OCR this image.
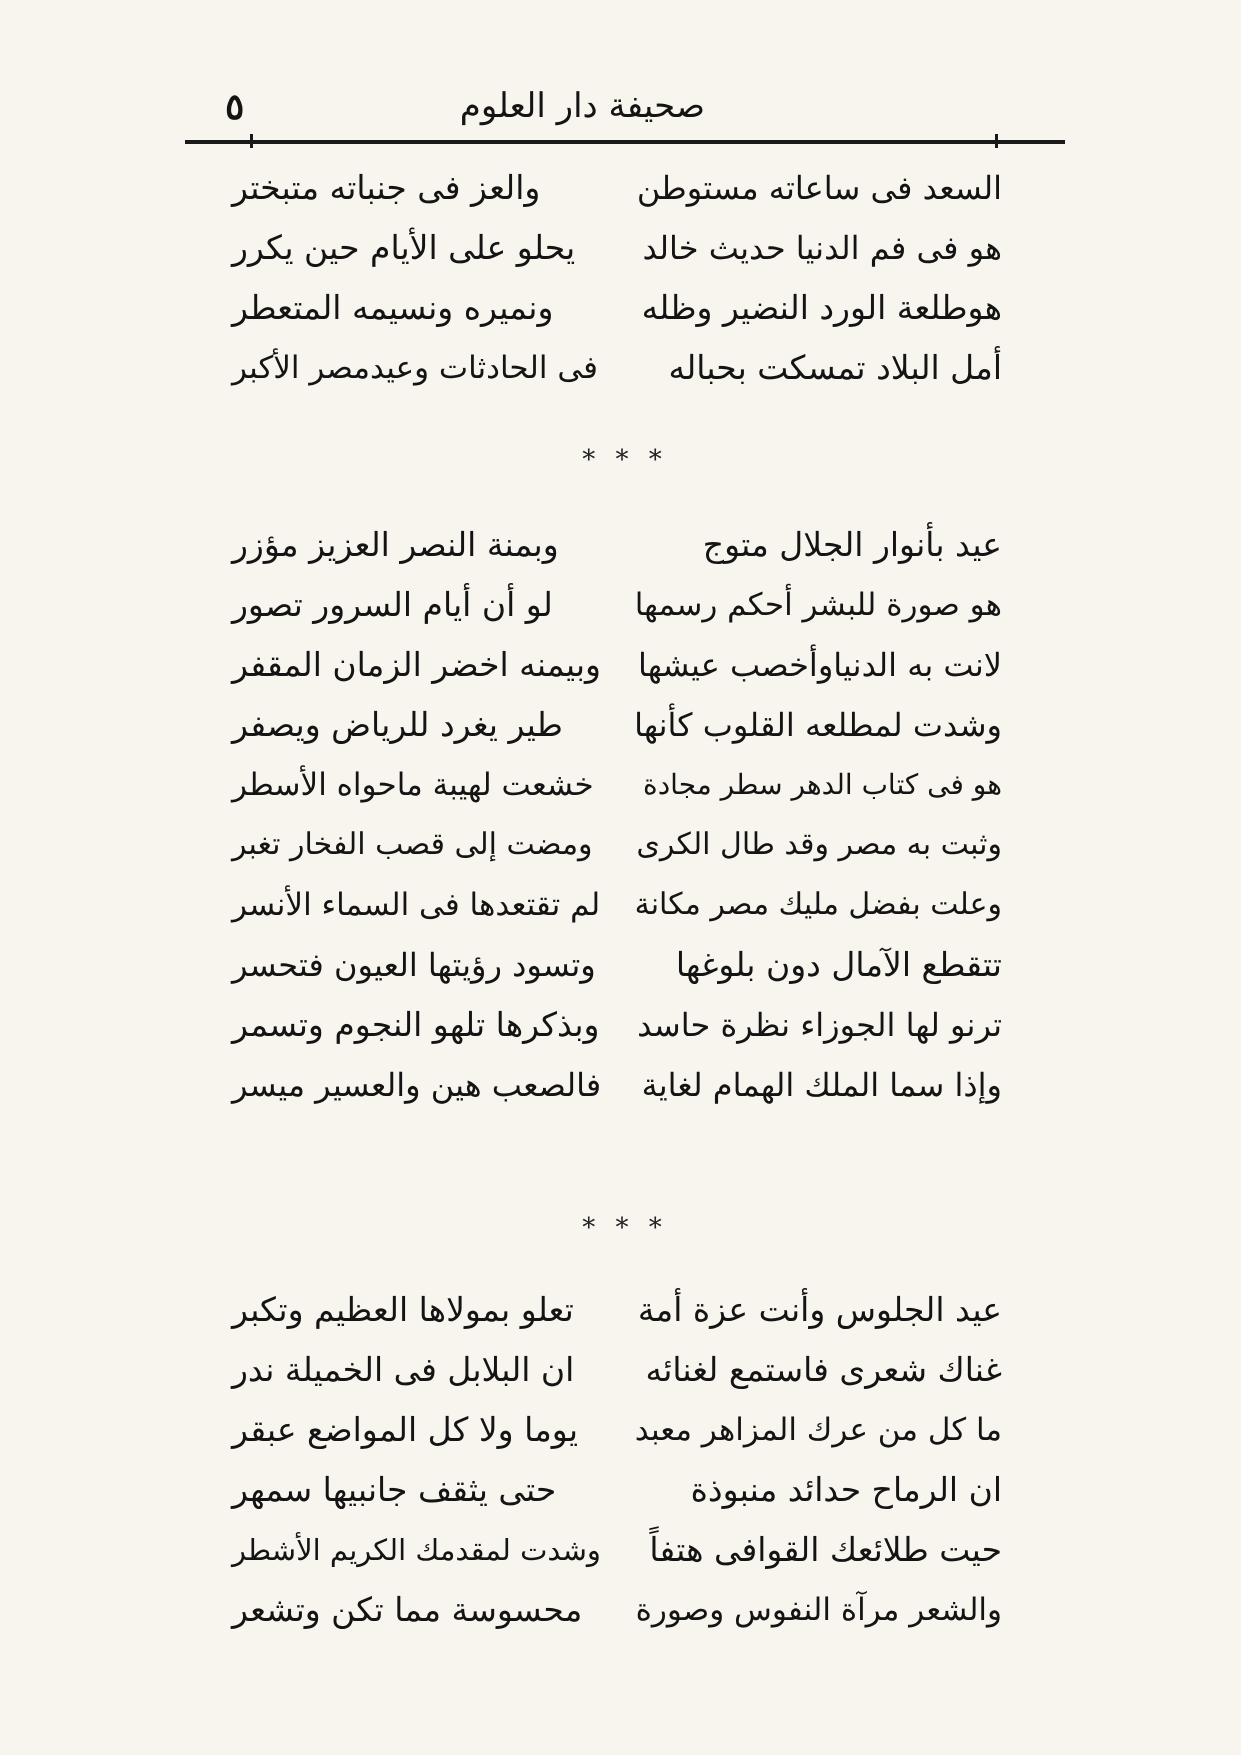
صحيفة دار العلوم
٥
السعد فى ساعاته مستوطن
والعز فى جنباته متبختر
هو فى فم الدنيا حديث خالد
يحلو على الأيام حين يكرر
هوطلعة الورد النضير وظله
ونميره ونسيمه المتعطر
أمل البلاد تمسكت بحباله
فى الحادثات وعيدمصر الأكبر
* * *
عيد بأنوار الجلال متوج
وبمنة النصر العزيز مؤزر
هو صورة للبشر أحكم رسمها
لو أن أيام السرور تصور
لانت به الدنياوأخصب عيشها
وبيمنه اخضر الزمان المقفر
وشدت لمطلعه القلوب كأنها
طير يغرد للرياض ويصفر
هو فى كتاب الدهر سطر مجادة
خشعت لهيبة ماحواه الأسطر
وثبت به مصر وقد طال الكرى
ومضت إلى قصب الفخار تغبر
وعلت بفضل مليك مصر مكانة
لم تقتعدها فى السماء الأنسر
تتقطع الآمال دون بلوغها
وتسود رؤيتها العيون فتحسر
ترنو لها الجوزاء نظرة حاسد
وبذكرها تلهو النجوم وتسمر
وإذا سما الملك الهمام لغاية
فالصعب هين والعسير ميسر
* * *
عيد الجلوس وأنت عزة أمة
تعلو بمولاها العظيم وتكبر
غناك شعرى فاستمع لغنائه
ان البلابل فى الخميلة ندر
ما كل من عرك المزاهر معبد
يوما ولا كل المواضع عبقر
ان الرماح حدائد منبوذة
حتى يثقف جانبيها سمهر
حيت طلائعك القوافى هتفاً
وشدت لمقدمك الكريم الأشطر
والشعر مرآة النفوس وصورة
محسوسة مما تكن وتشعر
